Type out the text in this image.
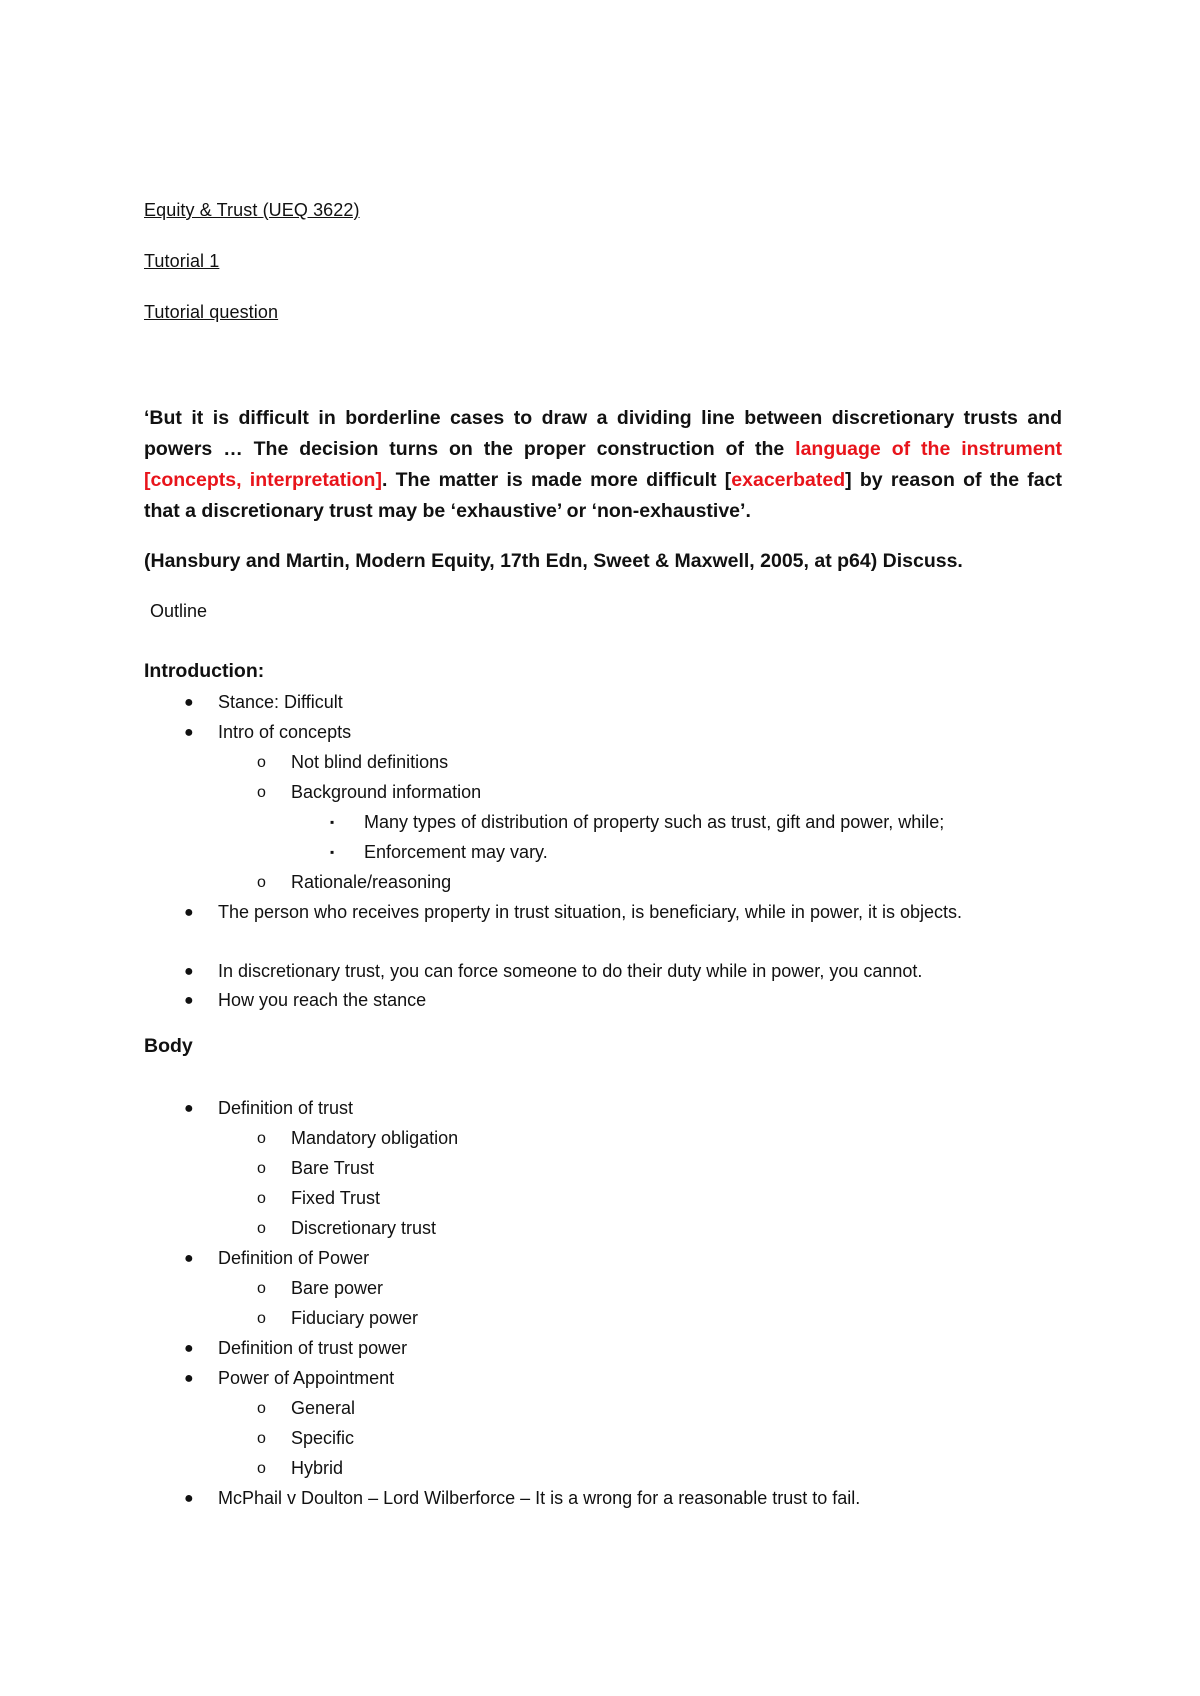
Equity & Trust (UEQ 3622)
Tutorial 1
Tutorial question
‘But it is difficult in borderline cases to draw a dividing line between discretionary trusts and powers … The decision turns on the proper construction of the language of the instrument [concepts, interpretation]. The matter is made more difficult [exacerbated] by reason of the fact that a discretionary trust may be ‘exhaustive’ or ‘non-exhaustive’.
(Hansbury and Martin, Modern Equity, 17th Edn, Sweet & Maxwell, 2005, at p64) Discuss.
Outline
Introduction:
● Stance: Difficult
● Intro of concepts
o Not blind definitions
o Background information
▪ Many types of distribution of property such as trust, gift and power, while;
▪ Enforcement may vary.
o Rationale/reasoning
● The person who receives property in trust situation, is beneficiary, while in power, it is objects.
● In discretionary trust, you can force someone to do their duty while in power, you cannot.
● How you reach the stance
Body
● Definition of trust
o Mandatory obligation
o Bare Trust
o Fixed Trust
o Discretionary trust
● Definition of Power
o Bare power
o Fiduciary power
● Definition of trust power
● Power of Appointment
o General
o Specific
o Hybrid
● McPhail v Doulton – Lord Wilberforce – It is a wrong for a reasonable trust to fail.
